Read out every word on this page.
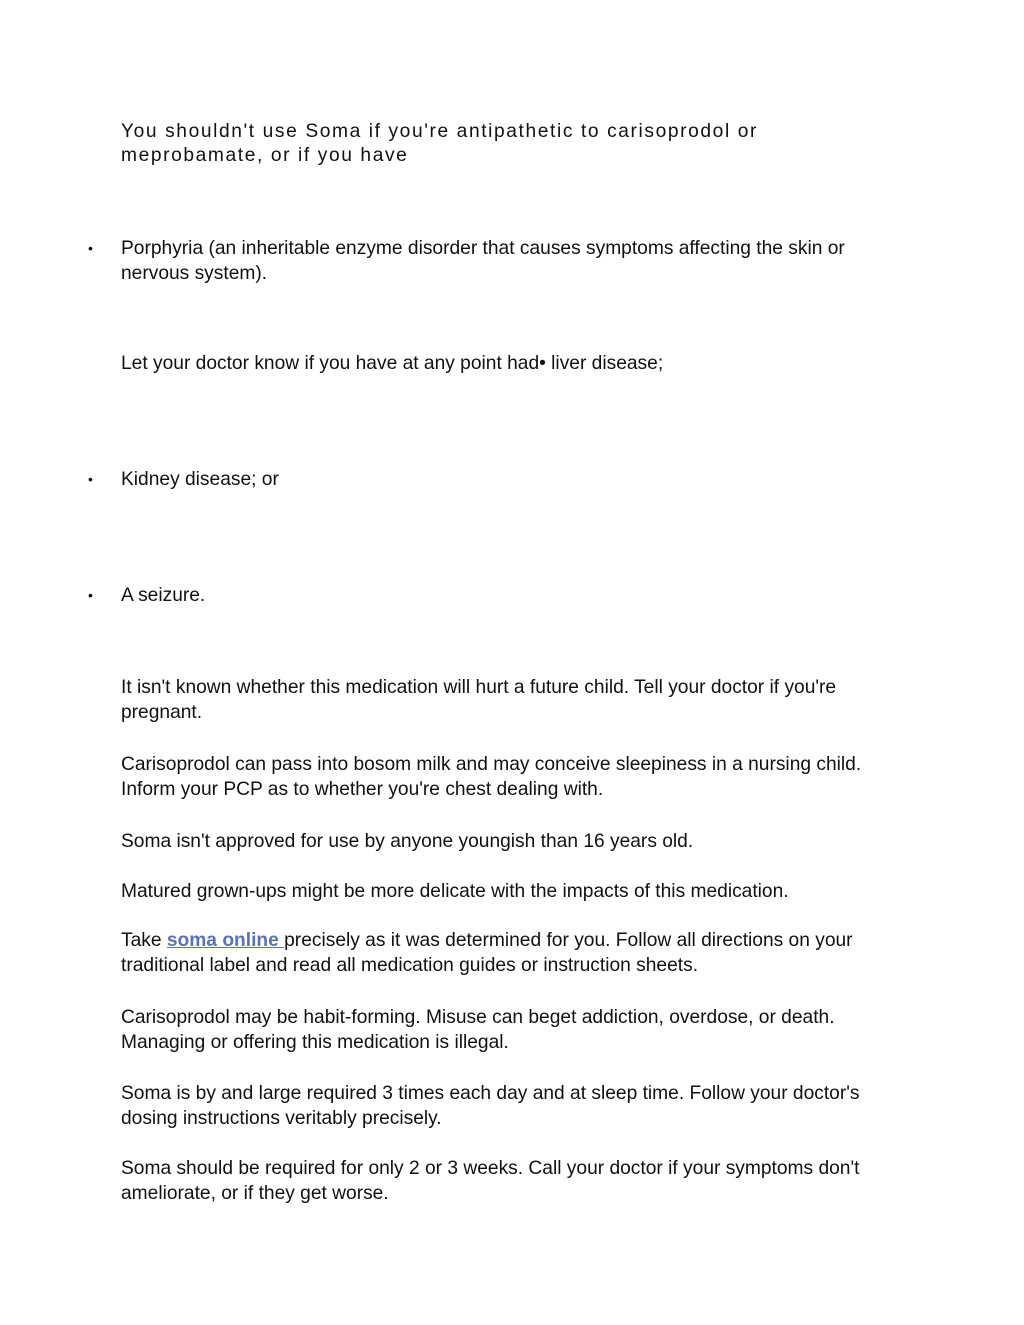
You shouldn't use Soma if you're antipathetic to carisoprodol or meprobamate, or if you have

• Porphyria (an inheritable enzyme disorder that causes symptoms affecting the skin or nervous system).

Let your doctor know if you have at any point had• liver disease;

• Kidney disease; or

• A seizure.

It isn't known whether this medication will hurt a future child. Tell your doctor if you're pregnant.

Carisoprodol can pass into bosom milk and may conceive sleepiness in a nursing child. Inform your PCP as to whether you're chest dealing with.

Soma isn't approved for use by anyone youngish than 16 years old.

Matured grown-ups might be more delicate with the impacts of this medication.

Take soma online precisely as it was determined for you. Follow all directions on your traditional label and read all medication guides or instruction sheets.

Carisoprodol may be habit-forming. Misuse can beget addiction, overdose, or death. Managing or offering this medication is illegal.

Soma is by and large required 3 times each day and at sleep time. Follow your doctor's dosing instructions veritably precisely.

Soma should be required for only 2 or 3 weeks. Call your doctor if your symptoms don't ameliorate, or if they get worse.
